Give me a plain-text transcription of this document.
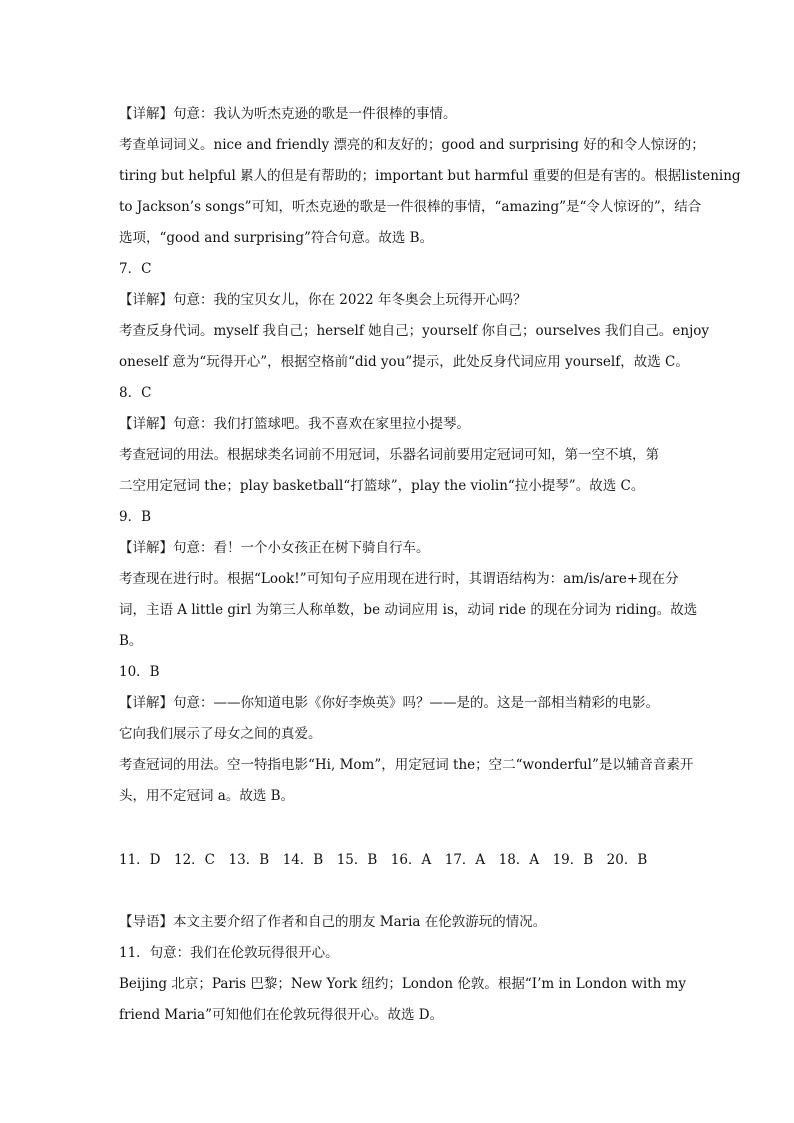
【详解】句意：我认为听杰克逊的歌是一件很棒的事情。
考查单词词义。nice and friendly 漂亮的和友好的；good and surprising 好的和令人惊讶的；
tiring but helpful 累人的但是有帮助的；important but harmful 重要的但是有害的。根据listening
to Jackson’s songs”可知，听杰克逊的歌是一件很棒的事情，“amazing”是“令人惊讶的”，结合
选项，“good and surprising”符合句意。故选 B。
7．C
【详解】句意：我的宝贝女儿，你在 2022 年冬奥会上玩得开心吗？
考查反身代词。myself 我自己；herself 她自己；yourself 你自己；ourselves 我们自己。enjoy
oneself 意为“玩得开心”，根据空格前“did you”提示，此处反身代词应用 yourself，故选 C。
8．C
【详解】句意：我们打篮球吧。我不喜欢在家里拉小提琴。
考查冠词的用法。根据球类名词前不用冠词，乐器名词前要用定冠词可知，第一空不填，第
二空用定冠词 the；play basketball“打篮球”，play the violin“拉小提琴”。故选 C。
9．B
【详解】句意：看！一个小女孩正在树下骑自行车。
考查现在进行时。根据“Look!”可知句子应用现在进行时，其谓语结构为：am/is/are+现在分
词，主语 A little girl 为第三人称单数，be 动词应用 is，动词 ride 的现在分词为 riding。故选
B。
10．B
【详解】句意：——你知道电影《你好李焕英》吗？——是的。这是一部相当精彩的电影。
它向我们展示了母女之间的真爱。
考查冠词的用法。空一特指电影“Hi, Mom”，用定冠词 the；空二“wonderful”是以辅音音素开
头，用不定冠词 a。故选 B。
11．D　12．C　13．B　14．B　15．B　16．A　17．A　18．A　19．B　20．B
【导语】本文主要介绍了作者和自己的朋友 Maria 在伦敦游玩的情况。
11．句意：我们在伦敦玩得很开心。
Beijing 北京；Paris 巴黎；New York 纽约；London 伦敦。根据“I’m in London with my
friend Maria”可知他们在伦敦玩得很开心。故选 D。
